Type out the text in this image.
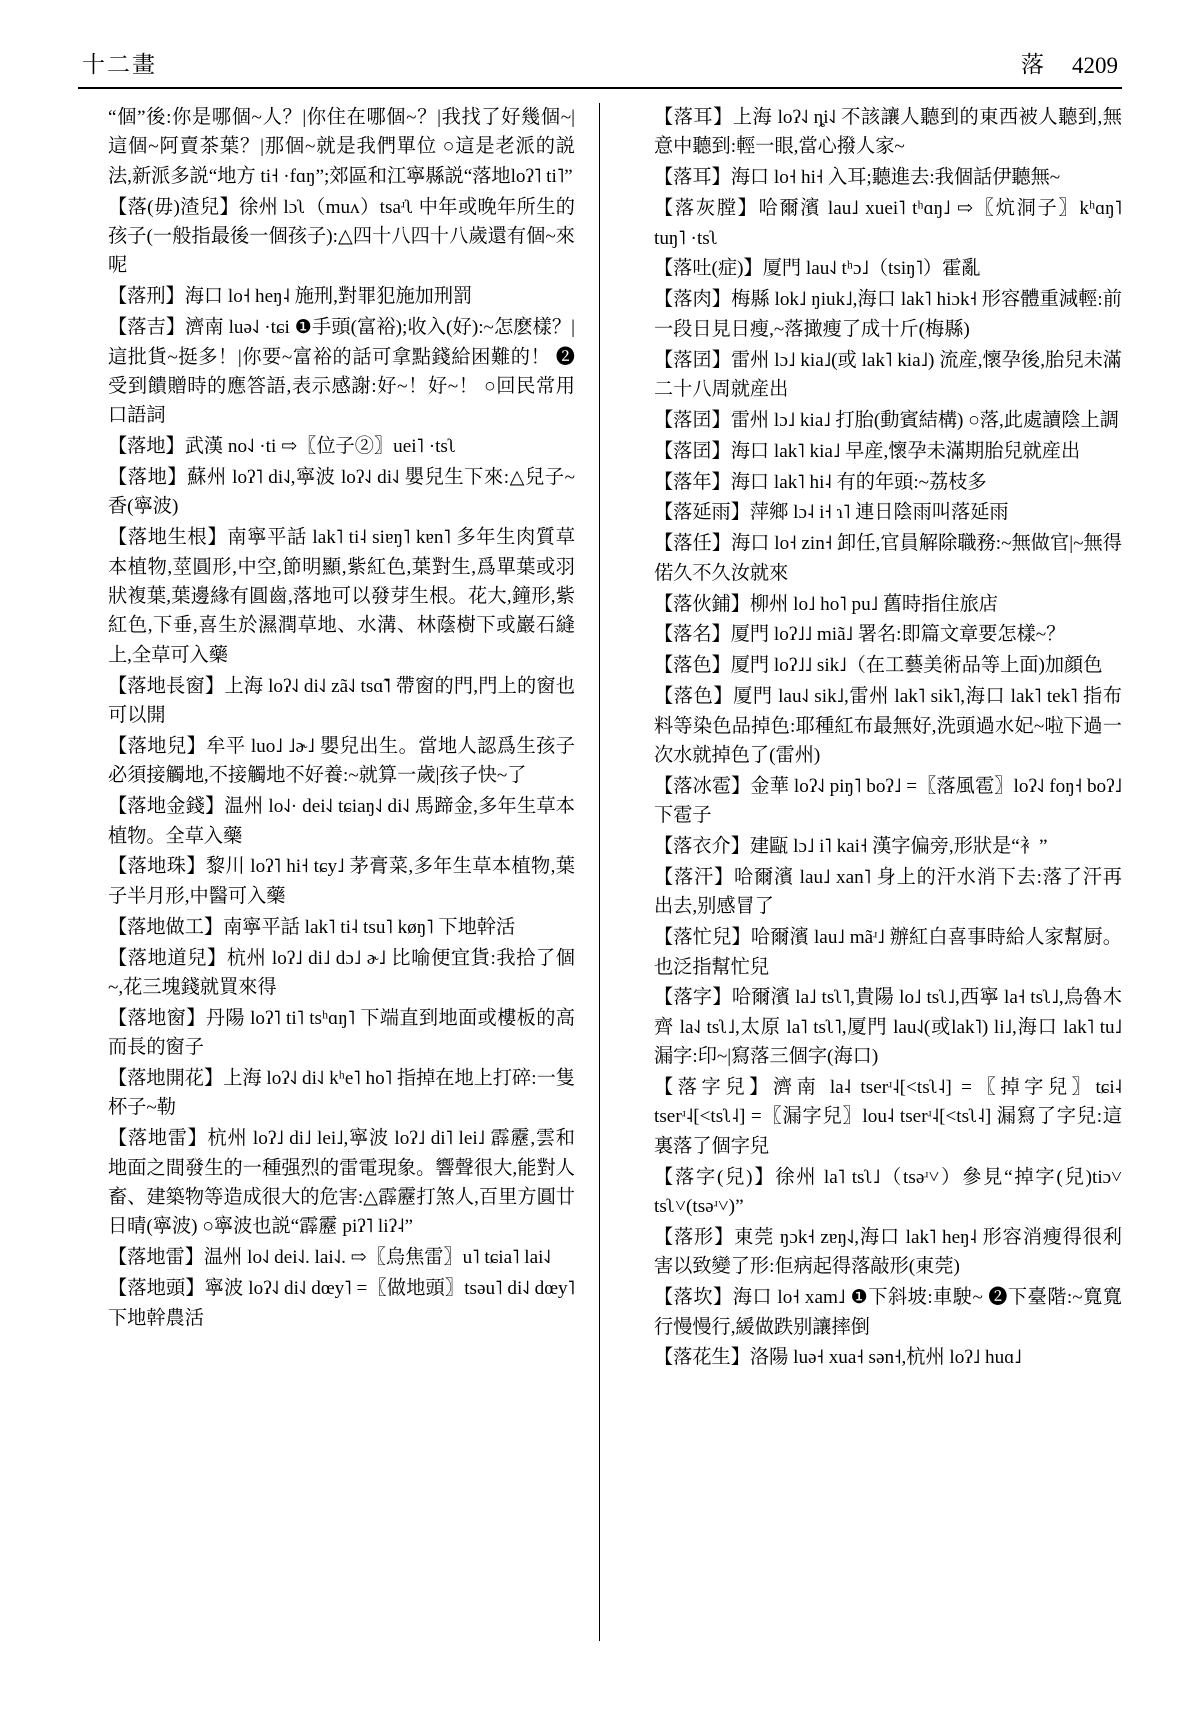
十二畫	落 4209
“個”後:你是哪個~人？|你住在哪個~？|我找了好幾個~|這個~阿賣茶葉？|那個~就是我們單位 ○這是老派的説法,新派多説“地方 ti˧ ·fɑŋ”;郊區和江寧縣説“落地loʔ˥ ti˥”
【落(毋)渣兒】徐州 lɔʅ（muʌ）tsaʴʅ 中年或晚年所生的孩子(一般指最後一個孩子):△四十八四十八歲還有個~來呢
【落刑】海口 lo˧ heŋ˨ 施刑,對罪犯施加刑罰
【落吉】濟南 luə˨˩ ·tɕi ❶手頭(富裕);收入(好):~怎麽樣？|這批貨~挺多！|你要~富裕的話可拿點錢給困難的！ ❷受到饋贈時的應答語,表示感謝:好~！好~！ ○回民常用口語詞
【落地】武漢 no˨˩ ·ti ⇨〖位子②〗uei˥ ·tsʅ
【落地】蘇州 loʔ˥ di˨˩,寧波 loʔ˨˩ di˨˩ 嬰兒生下來:△兒子~香(寧波)
【落地生根】南寧平話 lak˥ ti˨ siɐŋ˥ kɐn˥ 多年生肉質草本植物,莖圓形,中空,節明顯,紫紅色,葉對生,爲單葉或羽狀複葉,葉邊緣有圓齒,落地可以發芽生根。花大,鐘形,紫紅色,下垂,喜生於濕潤草地、水溝、林蔭樹下或巖石縫上,全草可入藥
【落地長窗】上海 loʔ˨˩ di˨˩ zã˨˩ tsɑ̃˥ 帶窗的門,門上的窗也可以開
【落地兒】牟平 luo˩ ˩ɚ˩ 嬰兒出生。當地人認爲生孩子必須接觸地,不接觸地不好養:~就算一歲|孩子快~了
【落地金錢】温州 lo˨˩· dei˨˩ tɕiaŋ˨˩ di˨˩ 馬蹄金,多年生草本植物。全草入藥
【落地珠】黎川 loʔ˥ hi˧ tɕy˩ 茅膏菜,多年生草本植物,葉子半月形,中醫可入藥
【落地做工】南寧平話 lak˥ ti˨ tsu˥ køŋ˥ 下地幹活
【落地道兒】杭州 loʔ˩ di˩ dɔ˩ ɚ˩ 比喻便宜貨:我拾了個~,花三塊錢就買來得
【落地窗】丹陽 loʔ˥ ti˥ tsʰɑŋ˥ 下端直到地面或樓板的高而長的窗子
【落地開花】上海 loʔ˨˩ di˨˩ kʰe˥ ho˥ 指掉在地上打碎:一隻杯子~勒
【落地雷】杭州 loʔ˩ di˩ lei˩,寧波 loʔ˩ di˥ lei˩ 霹靂,雲和地面之間發生的一種强烈的雷電現象。響聲很大,能對人畜、建築物等造成很大的危害:△霹靂打煞人,百里方圓廿日晴(寧波) ○寧波也説“霹靂 piʔ˥ liʔ˨”
【落地雷】温州 lo˨˩ dei˨˩. lai˨˩. ⇨〖烏焦雷〗u˥ tɕia˥ lai˨˩
【落地頭】寧波 loʔ˨˩ di˨˩ dœy˥ =〖做地頭〗tsəu˥ di˨˩ dœy˥ 下地幹農活
【落耳】上海 loʔ˨˩ ȵi˨˩ 不該讓人聽到的東西被人聽到,無意中聽到:輕一眼,當心撥人家~
【落耳】海口 lo˧ hi˧ 入耳;聽進去:我個話伊聽無~
【落灰膛】哈爾濱 lau˩ xuei˥ tʰɑŋ˩ ⇨〖炕洞子〗kʰɑŋ˥ tuŋ˥ ·tsʅ
【落吐(症)】厦門 lau˨˩ tʰɔ˩（tsiŋ˥）霍亂
【落肉】梅縣 lok˩ ŋiuk˩,海口 lak˥ hiɔk˧ 形容體重減輕:前一段日見日瘦,~落撖瘦了成十斤(梅縣)
【落囝】雷州 lɔ˩ kia˩(或 lak˥ kia˩) 流産,懷孕後,胎兒未滿二十八周就産出
【落囝】雷州 lɔ˩ kia˩ 打胎(動賓結構) ○落,此處讀陰上調
【落囝】海口 lak˥ kia˩ 早産,懷孕未滿期胎兒就産出
【落年】海口 lak˥ hi˨ 有的年頭:~荔枝多
【落延雨】萍鄉 lɔ˨ i˧ ɿ˥ 連日陰雨叫落延雨
【落任】海口 lo˧ zin˧ 卸任,官員解除職務:~無做官|~無得偌久不久汝就來
【落伙鋪】柳州 lo˩ ho˥ pu˩ 舊時指住旅店
【落名】厦門 loʔ˩˩ miã˩ 署名:即篇文章要怎樣~？
【落色】厦門 loʔ˩˩ sik˩（在工藝美術品等上面)加顔色
【落色】厦門 lau˨˩ sik˩,雷州 lak˥ sik˥,海口 lak˥ tek˥ 指布料等染色品掉色:耶種紅布最無好,洗頭過水妃~啦下過一次水就掉色了(雷州)
【落冰雹】金華 loʔ˨˩ piŋ˥ boʔ˩ =〖落風雹〗loʔ˨˩ foŋ˧ boʔ˩ 下雹子
【落衣介】建甌 lɔ˩ i˥ kai˧ 漢字偏旁,形狀是“衤”
【落汗】哈爾濱 lau˩ xan˥ 身上的汗水消下去:落了汗再出去,别感冒了
【落忙兒】哈爾濱 lau˩ mãʴ˩ 辦紅白喜事時給人家幫厨。也泛指幫忙兒
【落字】哈爾濱 la˩ tsʅ˥,貴陽 lo˩ tsʅ˩,西寧 la˧ tsʅ˩,烏魯木齊 la˨˩ tsʅ˩,太原 la˥ tsʅ˥,厦門 lau˨˩(或lak˥) li˩,海口 lak˥ tu˩ 漏字:印~|寫落三個字(海口)
【落字兒】濟南 la˨ tserʴ˨[<tsʅ˨] =〖掉字兒〗tɕi˨ tserʴ˨[<tsʅ˨] =〖漏字兒〗lou˨ tserʴ˨[<tsʅ˨] 漏寫了字兒:這裏落了個字兒
【落字(兒)】徐州 la˥ tsʅ˩（tsəʴ˅）參見“掉字(兒)tiɔ˅ tsʅ˅(tsəʴ˅)”
【落形】東莞 ŋɔk˧ zɐŋ˨˩,海口 lak˥ heŋ˨ 形容消瘦得很利害以致變了形:佢病起得落敲形(東莞)
【落坎】海口 lo˧ xam˩ ❶下斜坡:車駛~ ❷下臺階:~寬寬行慢慢行,緩做跌别讓摔倒
【落花生】洛陽 luə˧ xua˧ sən˧,杭州 loʔ˩ huɑ˩
